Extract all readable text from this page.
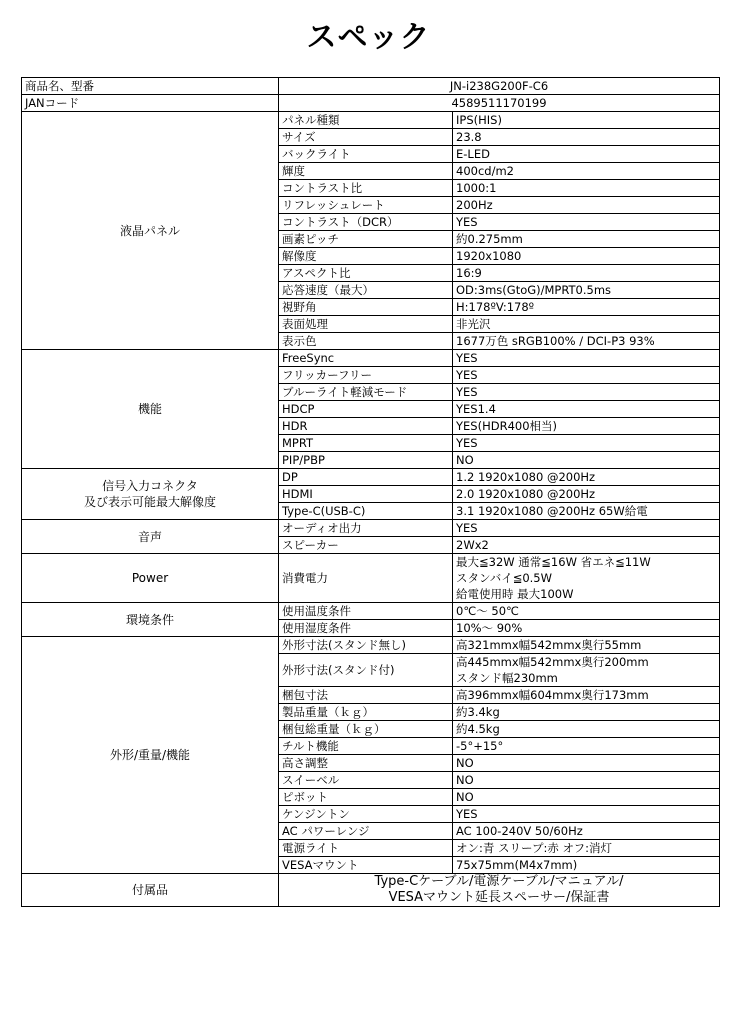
スペック
商品名、型番	JN-i238G200F-C6	
JANコード	4589511170199	
液晶パネル	パネル種類	IPS(HIS)

	サイズ	23.8

	バックライト	E-LED

	輝度	400cd/m2

	コントラスト比	1000:1

	リフレッシュレート	200Hz

	コントラスト（DCR）	YES

	画素ピッチ	約0.275mm

	解像度	1920x1080

	アスペクト比	16:9

	応答速度（最大）	OD:3ms(GtoG)/MPRT0.5ms

	視野角	H:178ºV:178º

	表面処理	非光沢

	表示色	1677万色 sRGB100% / DCI-P3 93%

機能	FreeSync	YES

	フリッカーフリー	YES

	ブルーライト軽減モード	YES

	HDCP	YES1.4

	HDR	YES(HDR400相当)

	MPRT	YES

	PIP/PBP	NO

信号入力コネクタ
及び表示可能最大解像度	DP	1.2 1920x1080 @200Hz

	HDMI	2.0 1920x1080 @200Hz

	Type-C(USB-C)	3.1 1920x1080 @200Hz 65W給電

音声	オーディオ出力	YES

	スピーカー	2Wx2

Power	消費電力	最大≦32W 通常≦16W 省エネ≦11W
スタンバイ≦0.5W
給電使用時 最大100W

環境条件	使用温度条件	0℃～ 50℃

	使用湿度条件	10%～ 90%

外形/重量/機能	外形寸法(スタンド無し)	高321mmx幅542mmx奥行55mm

	外形寸法(スタンド付)	高445mmx幅542mmx奥行200mm
スタンド幅230mm

	梱包寸法	高396mmx幅604mmx奥行173mm

	製品重量（ｋｇ）	約3.4kg

	梱包総重量（ｋｇ）	約4.5kg

	チルト機能	-5°+15°

	高さ調整	NO

	スイーベル	NO

	ピボット	NO

	ケンジントン	YES

	AC パワーレンジ	AC 100-240V 50/60Hz

	電源ライト	オン:青 スリープ:赤 オフ:消灯

	VESAマウント	75x75mm(M4x7mm)

付属品	Type-Cケーブル/電源ケーブル/マニュアル/
VESAマウント延長スペーサー/保証書	
